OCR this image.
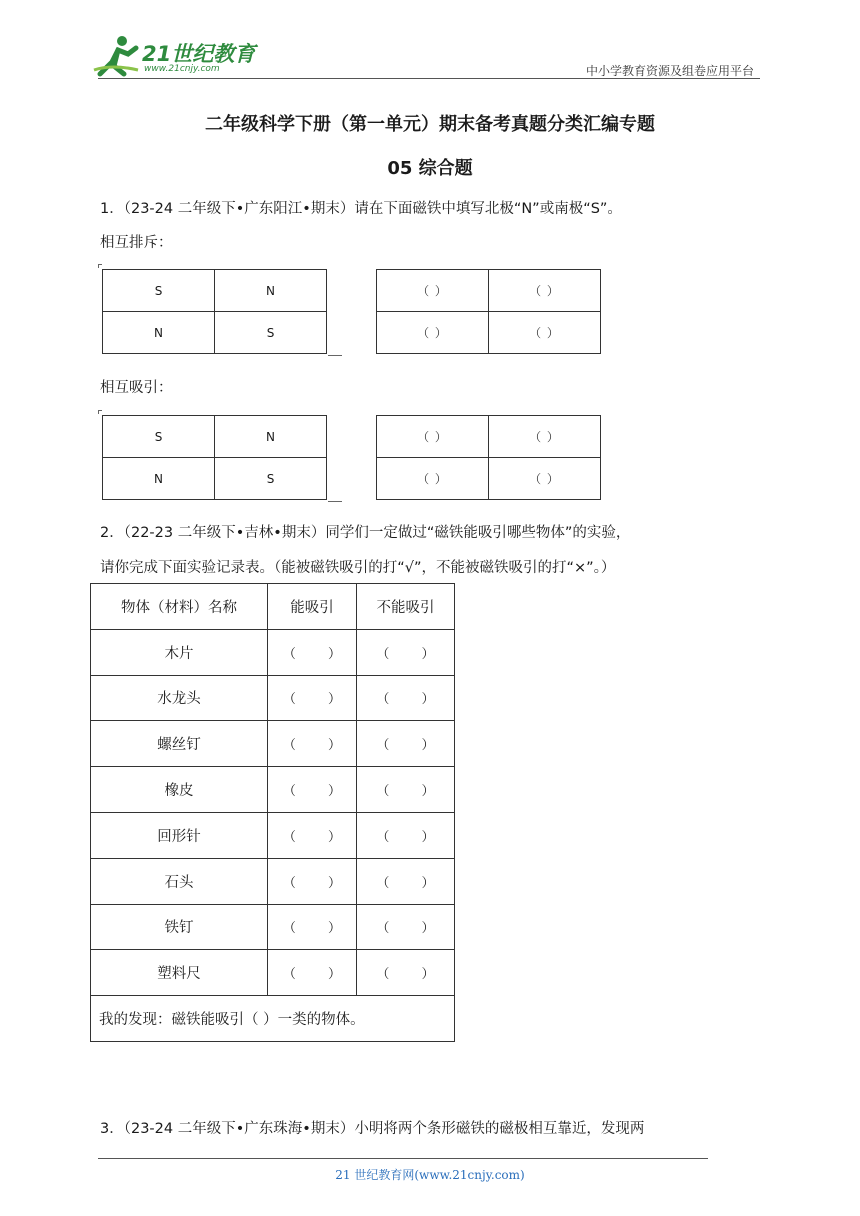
21世纪教育
www.21cnjy.com	中小学教育资源及组卷应用平台
二年级科学下册（第一单元）期末备考真题分类汇编专题
05 综合题
1．（23-24 二年级下•广东阳江•期末）请在下面磁铁中填写北极“N”或南极“S”。
相互排斥：
S	N
N	S
（ ）	（ ）
（ ）	（ ）
相互吸引：
S	N
N	S
（ ）	（ ）
（ ）	（ ）
2．（22-23 二年级下•吉林•期末）同学们一定做过“磁铁能吸引哪些物体”的实验，
请你完成下面实验记录表。（能被磁铁吸引的打“√”，不能被磁铁吸引的打“×”。）
物体（材料）名称	能吸引	不能吸引
木片	（ ）	（ ）
水龙头	（ ）	（ ）
螺丝钉	（ ）	（ ）
橡皮	（ ）	（ ）
回形针	（ ）	（ ）
石头	（ ）	（ ）
铁钉	（ ）	（ ）
塑料尺	（ ）	（ ）
我的发现：磁铁能吸引（ ）一类的物体。		
3．（23-24 二年级下•广东珠海•期末）小明将两个条形磁铁的磁极相互靠近，发现两
21 世纪教育网(www.21cnjy.com)
